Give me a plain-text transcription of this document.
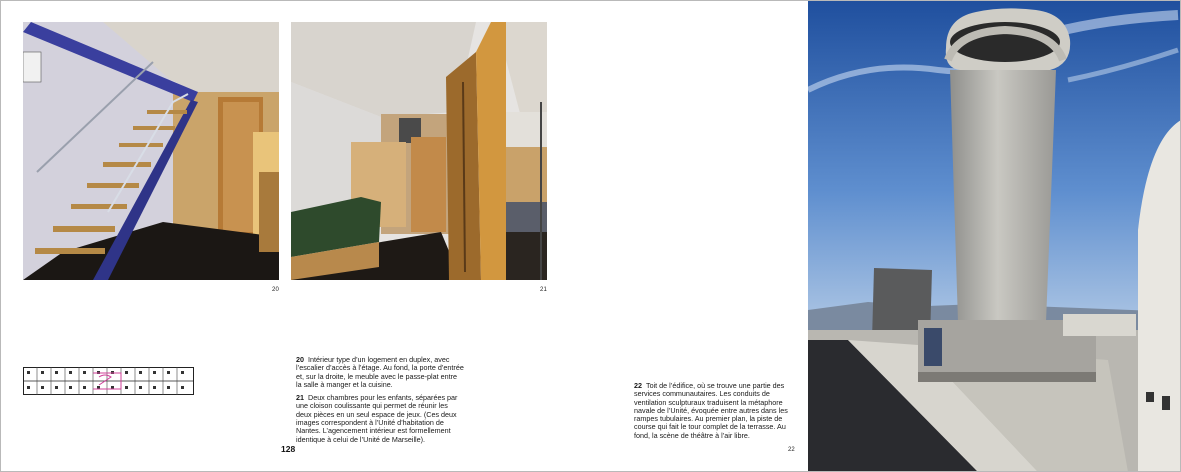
20	21

20 Intérieur type d’un logement en duplex, avec l’escalier d’accès à l’étage. Au fond, la porte d’entrée et, sur la droite, le meuble avec le passe-plat entre la salle à manger et la cuisine.

21 Deux chambres pour les enfants, séparées par une cloison coulissante qui permet de réunir les deux pièces en un seul espace de jeux. (Ces deux images correspondent à l’Unité d’habitation de Nantes. L’agencement intérieur est formellement identique à celui de l’Unité de Marseille).

128

22 Toit de l’édifice, où se trouve une partie des services communautaires. Les conduits de ventilation sculpturaux traduisent la métaphore navale de l’Unité, évoquée entre autres dans les rampes tubulaires. Au premier plan, la piste de course qui fait le tour complet de la terrasse. Au fond, la scène de théâtre à l’air libre.

22
